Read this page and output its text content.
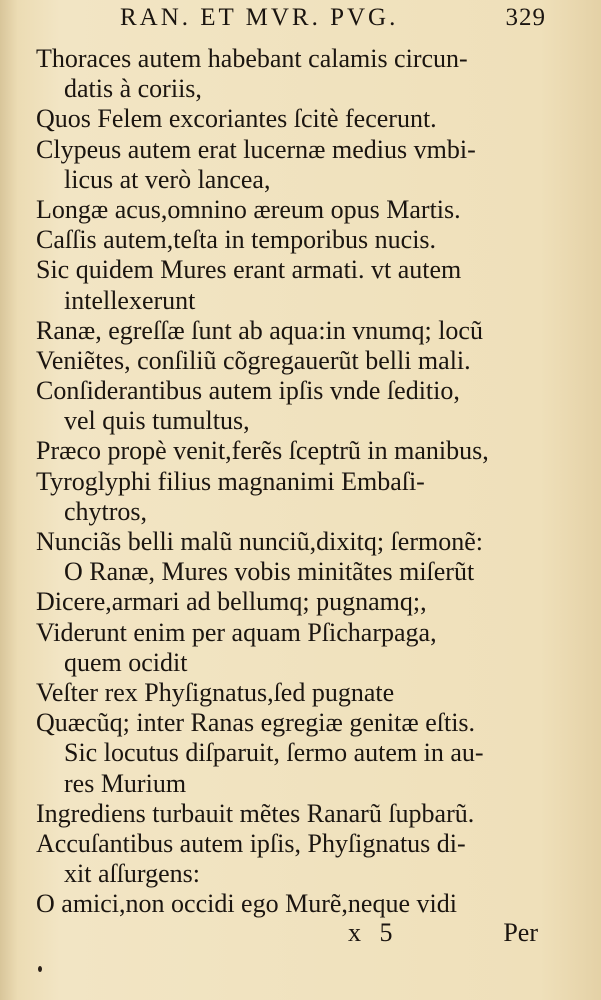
RAN. ET MVR. PVG.	329
Thoraces autem habebant calamis circun-
datis à coriis,
Quos Felem excoriantes ſcitè fecerunt.
Clypeus autem erat lucernæ medius vmbi-
licus at verò lancea,
Longæ acus,omnino æreum opus Martis.
Caſſis autem,teſta in temporibus nucis.
Sic quidem Mures erant armati. vt autem
intellexerunt
Ranæ, egreſſæ ſunt ab aqua:in vnumq; locũ
Veniẽtes, conſiliũ cõgregauerũt belli mali.
Conſiderantibus autem ipſis vnde ſeditio,
vel quis tumultus,
Præco propè venit,ferẽs ſceptrũ in manibus,
Tyroglyphi filius magnanimi Embaſi-
chytros,
Nunciãs belli malũ nunciũ,dixitq; ſermonẽ:
O Ranæ, Mures vobis minitãtes miſerũt
Dicere,armari ad bellumq; pugnamq;,
Viderunt enim per aquam Pſicharpaga,
quem ocidit
Veſter rex Phyſignatus,ſed pugnate
Quæcũq; inter Ranas egregiæ genitæ eſtis.
Sic locutus diſparuit, ſermo autem in au-
res Murium
Ingrediens turbauit mẽtes Ranarũ ſupbarũ.
Accuſantibus autem ipſis, Phyſignatus di-
xit aſſurgens:
O amici,non occidi ego Murẽ,neque vidi
x 5	Per
